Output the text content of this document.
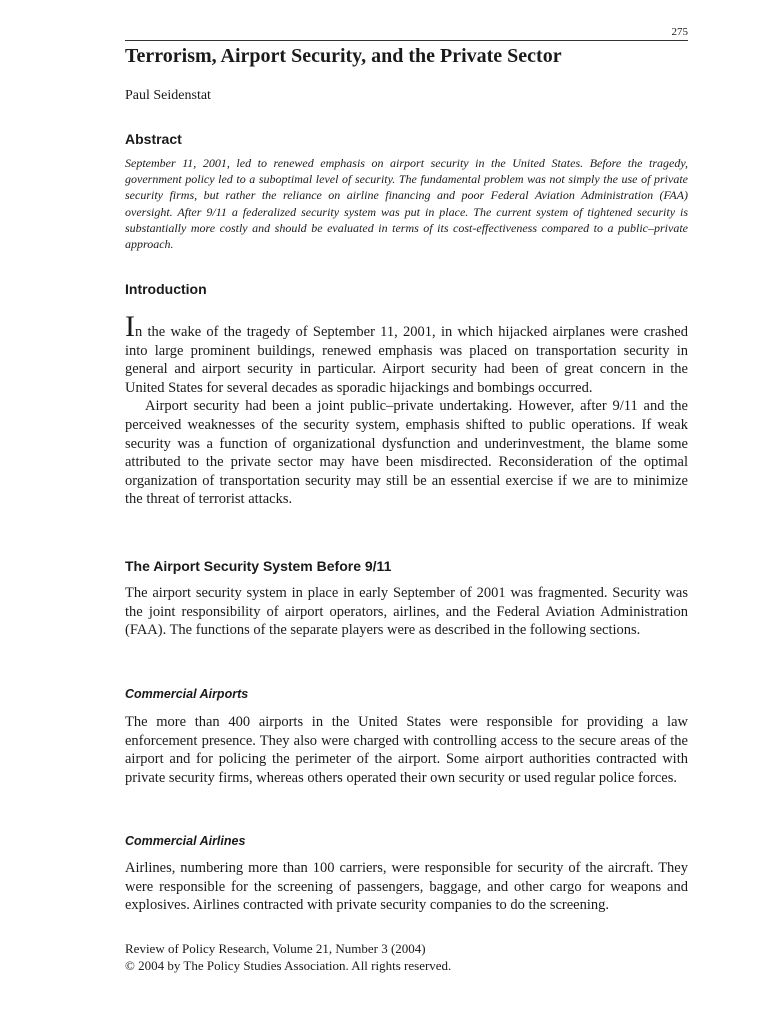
275
Terrorism, Airport Security, and the Private Sector
Paul Seidenstat
Abstract

September 11, 2001, led to renewed emphasis on airport security in the United States. Before the tragedy, government policy led to a suboptimal level of security. The fundamental problem was not simply the use of private security firms, but rather the reliance on airline financing and poor Federal Aviation Administration (FAA) oversight. After 9/11 a federalized security system was put in place. The current system of tightened security is substantially more costly and should be evaluated in terms of its cost-effectiveness compared to a public–private approach.

Introduction

In the wake of the tragedy of September 11, 2001, in which hijacked airplanes were crashed into large prominent buildings, renewed emphasis was placed on transportation security in general and airport security in particular. Airport security had been of great concern in the United States for several decades as sporadic hijackings and bombings occurred.

Airport security had been a joint public–private undertaking. However, after 9/11 and the perceived weaknesses of the security system, emphasis shifted to public operations. If weak security was a function of organizational dysfunction and underinvestment, the blame some attributed to the private sector may have been misdirected. Reconsideration of the optimal organization of transportation security may still be an essential exercise if we are to minimize the threat of terrorist attacks.

The Airport Security System Before 9/11

The airport security system in place in early September of 2001 was fragmented. Security was the joint responsibility of airport operators, airlines, and the Federal Aviation Administration (FAA). The functions of the separate players were as described in the following sections.

Commercial Airports

The more than 400 airports in the United States were responsible for providing a law enforcement presence. They also were charged with controlling access to the secure areas of the airport and for policing the perimeter of the airport. Some airport authorities contracted with private security firms, whereas others operated their own security or used regular police forces.

Commercial Airlines

Airlines, numbering more than 100 carriers, were responsible for security of the aircraft. They were responsible for the screening of passengers, baggage, and other cargo for weapons and explosives. Airlines contracted with private security companies to do the screening.

Review of Policy Research, Volume 21, Number 3 (2004)
© 2004 by The Policy Studies Association. All rights reserved.
